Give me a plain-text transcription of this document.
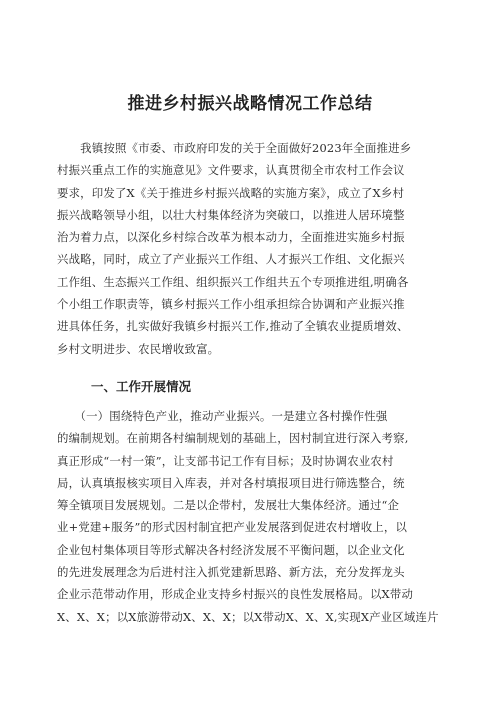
推进乡村振兴战略情况工作总结
　　我镇按照《市委、市政府印发的关于全面做好2023年全面推进乡
村振兴重点工作的实施意见》文件要求，认真贯彻全市农村工作会议
要求，印发了X《关于推进乡村振兴战略的实施方案》，成立了X乡村
振兴战略领导小组，以壮大村集体经济为突破口，以推进人居环境整
治为着力点，以深化乡村综合改革为根本动力，全面推进实施乡村振
兴战略，同时，成立了产业振兴工作组、人才振兴工作组、文化振兴
工作组、生态振兴工作组、组织振兴工作组共五个专项推进组,明确各
个小组工作职责等，镇乡村振兴工作小组承担综合协调和产业振兴推
进具体任务，扎实做好我镇乡村振兴工作,推动了全镇农业提质增效、
乡村文明进步、农民增收致富。
一、工作开展情况
　　（一）围绕特色产业，推动产业振兴。一是建立各村操作性强
的编制规划。在前期各村编制规划的基础上，因村制宜进行深入考察,
真正形成“一村一策”，让支部书记工作有目标；及时协调农业农村
局，认真填报核实项目入库表，并对各村填报项目进行筛选整合，统
筹全镇项目发展规划。二是以企带村，发展壮大集体经济。通过“企
业+党建+服务”的形式因村制宜把产业发展落到促进农村增收上，以
企业包村集体项目等形式解决各村经济发展不平衡问题，以企业文化
的先进发展理念为后进村注入抓党建新思路、新方法，充分发挥龙头
企业示范带动作用，形成企业支持乡村振兴的良性发展格局。以X带动
X、X、X；以X旅游带动X、X、X；以X带动X、X、X,实现X产业区域连片
